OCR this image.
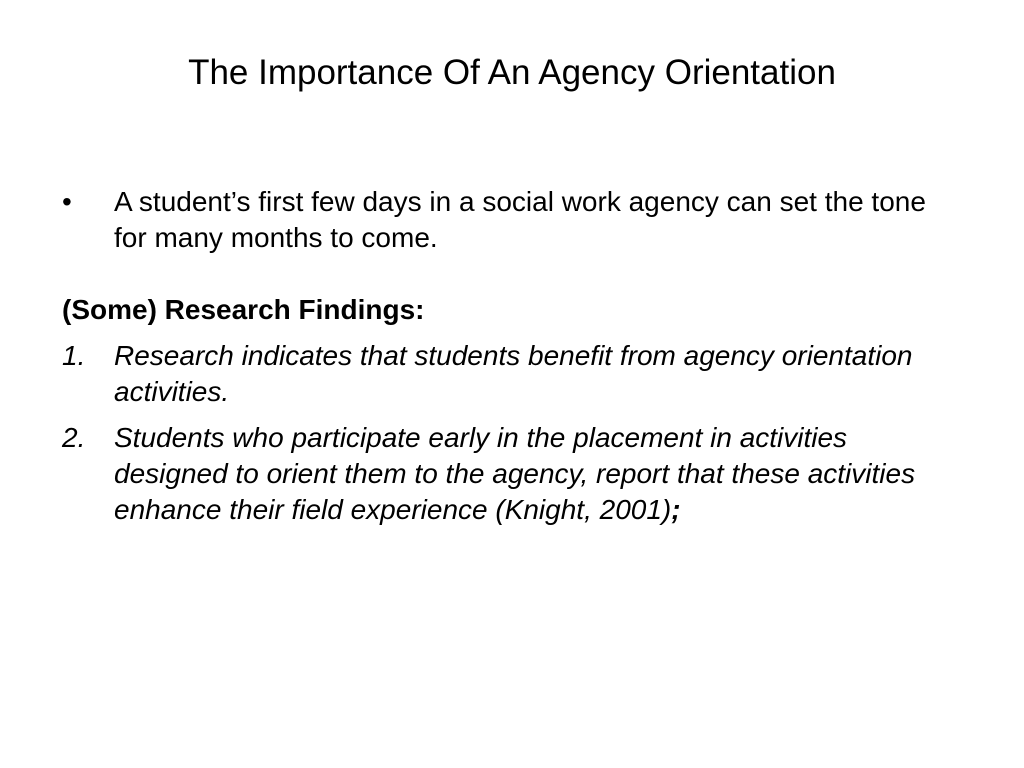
The Importance Of An Agency Orientation
• A student’s first few days in a social work agency can set the tone for many months to come.
(Some) Research Findings:
1. Research indicates that students benefit from agency orientation activities.
2. Students who participate early in the placement in activities designed to orient them to the agency, report that these activities enhance their field experience (Knight, 2001);
